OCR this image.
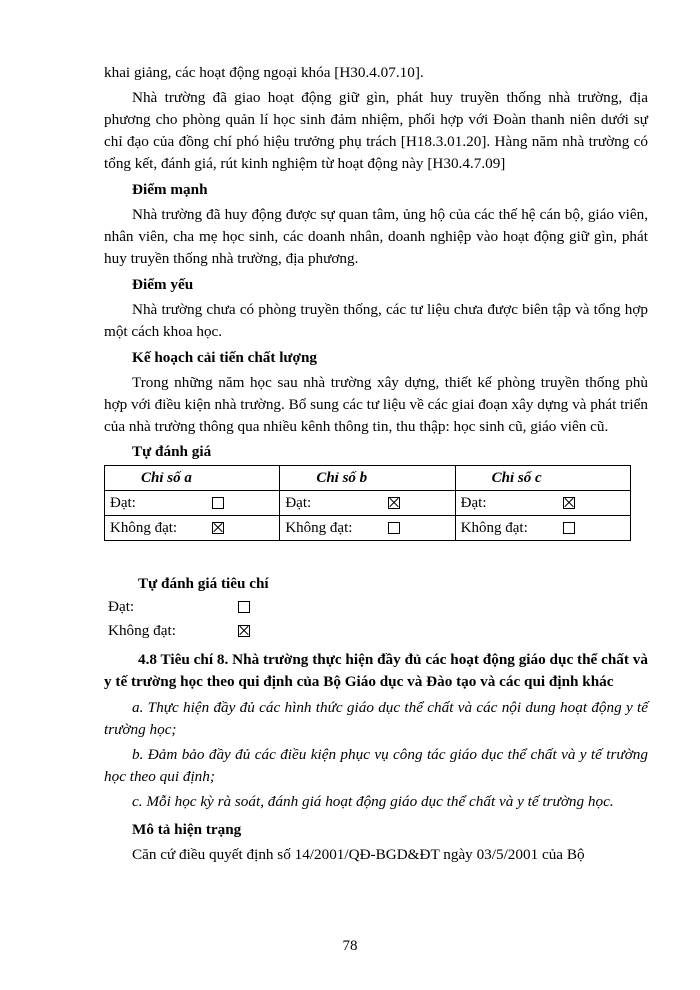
khai giảng, các hoạt động ngoại khóa [H30.4.07.10].

Nhà trường đã giao hoạt động giữ gìn, phát huy truyền thống nhà trường, địa phương cho phòng quản lí học sinh đảm nhiệm, phối hợp với Đoàn thanh niên dưới sự chỉ đạo của đồng chí phó hiệu trưởng phụ trách [H18.3.01.20]. Hàng năm nhà trường có tổng kết, đánh giá, rút kinh nghiệm từ hoạt động này [H30.4.7.09]

Điểm mạnh

Nhà trường đã huy động được sự quan tâm, ủng hộ của các thế hệ cán bộ, giáo viên, nhân viên, cha mẹ học sinh, các doanh nhân, doanh nghiệp vào hoạt động giữ gìn, phát huy truyền thống nhà trường, địa phương.

Điểm yếu

Nhà trường chưa có phòng truyền thống, các tư liệu chưa được biên tập và tổng hợp một cách khoa học.

Kế hoạch cải tiến chất lượng

Trong những năm học sau nhà trường xây dựng, thiết kế phòng truyền thống phù hợp với điều kiện nhà trường. Bổ sung các tư liệu về các giai đoạn xây dựng và phát triển của nhà trường thông qua nhiều kênh thông tin, thu thập: học sinh cũ, giáo viên cũ.

Tự đánh giá

Chỉ số a	Chỉ số b	Chỉ số c

Đạt:	Đạt:	Đạt:

Không đạt:	Không đạt:	Không đạt:

Tự đánh giá tiêu chí

Đạt:
Không đạt:

4.8 Tiêu chí 8. Nhà trường thực hiện đầy đủ các hoạt động giáo dục thể chất và y tế trường học theo qui định của Bộ Giáo dục và Đào tạo và các qui định khác

a. Thực hiện đầy đủ các hình thức giáo dục thể chất và các nội dung hoạt động y tế trường học;

b. Đảm bảo đầy đủ các điều kiện phục vụ công tác giáo dục thể chất và y tế trường học theo qui định;

c. Mỗi học kỳ rà soát, đánh giá hoạt động giáo dục thể chất và y tế trường học.

Mô tả hiện trạng

Căn cứ điều quyết định số 14/2001/QĐ-BGD&ĐT ngày 03/5/2001 của Bộ

78
